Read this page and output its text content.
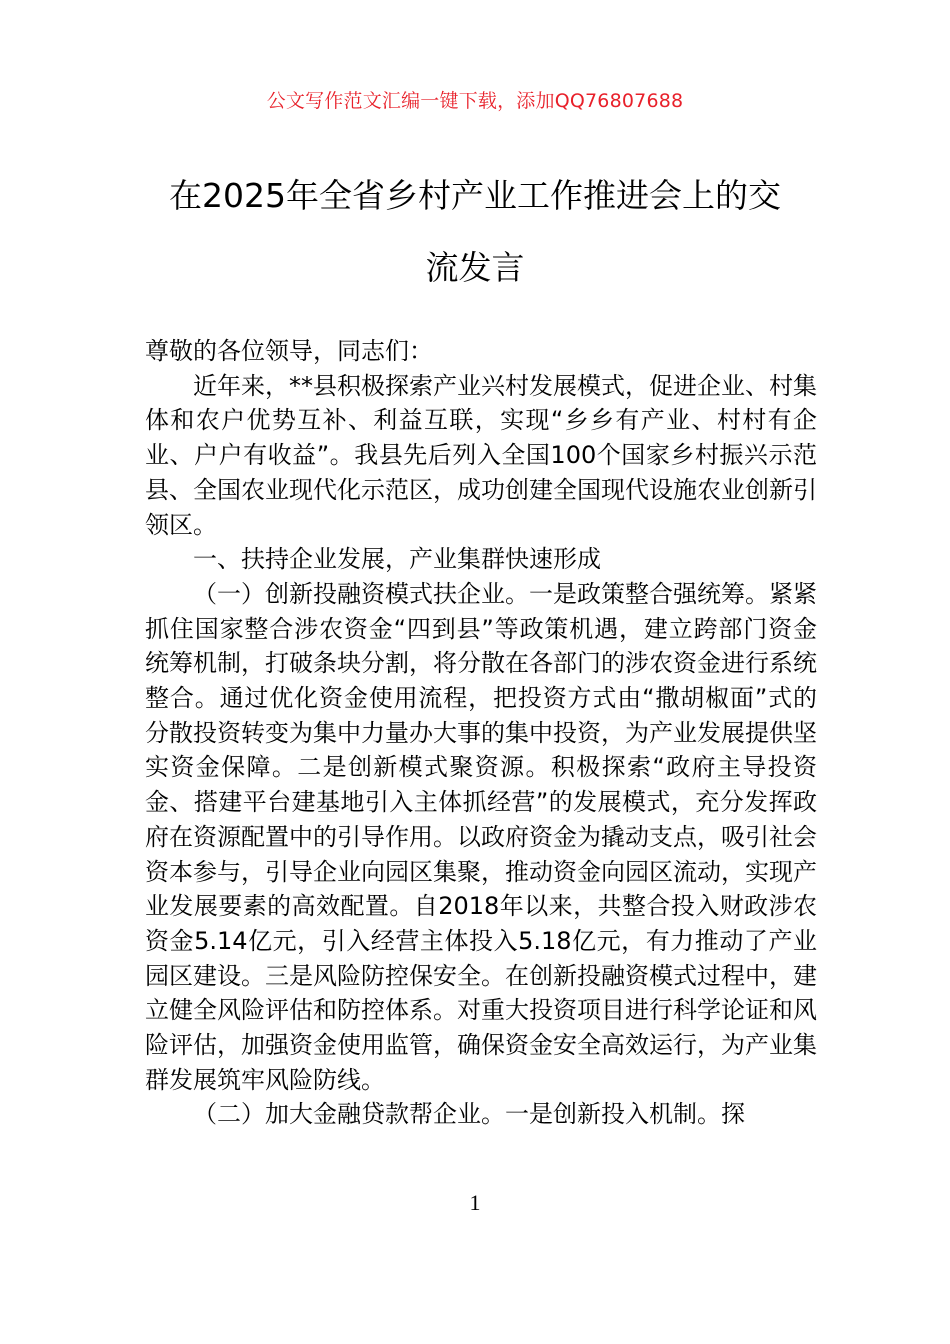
公文写作范文汇编一键下载，添加QQ76807688
在2025年全省乡村产业工作推进会上的交
流发言

尊敬的各位领导，同志们：

近年来，**县积极探索产业兴村发展模式，促进企业、村集体和农户优势互补、利益互联，实现“乡乡有产业、村村有企业、户户有收益”。我县先后列入全国100个国家乡村振兴示范县、全国农业现代化示范区，成功创建全国现代设施农业创新引领区。

一、扶持企业发展，产业集群快速形成

（一）创新投融资模式扶企业。一是政策整合强统筹。紧紧抓住国家整合涉农资金“四到县”等政策机遇，建立跨部门资金统筹机制，打破条块分割，将分散在各部门的涉农资金进行系统整合。通过优化资金使用流程，把投资方式由“撒胡椒面”式的分散投资转变为集中力量办大事的集中投资，为产业发展提供坚实资金保障。二是创新模式聚资源。积极探索“政府主导投资金、搭建平台建基地引入主体抓经营”的发展模式，充分发挥政府在资源配置中的引导作用。以政府资金为撬动支点，吸引社会资本参与，引导企业向园区集聚，推动资金向园区流动，实现产业发展要素的高效配置。自2018年以来，共整合投入财政涉农资金5.14亿元，引入经营主体投入5.18亿元，有力推动了产业园区建设。三是风险防控保安全。在创新投融资模式过程中，建立健全风险评估和防控体系。对重大投资项目进行科学论证和风险评估，加强资金使用监管，确保资金安全高效运行，为产业集群发展筑牢风险防线。

（二）加大金融贷款帮企业。一是创新投入机制。探

1
